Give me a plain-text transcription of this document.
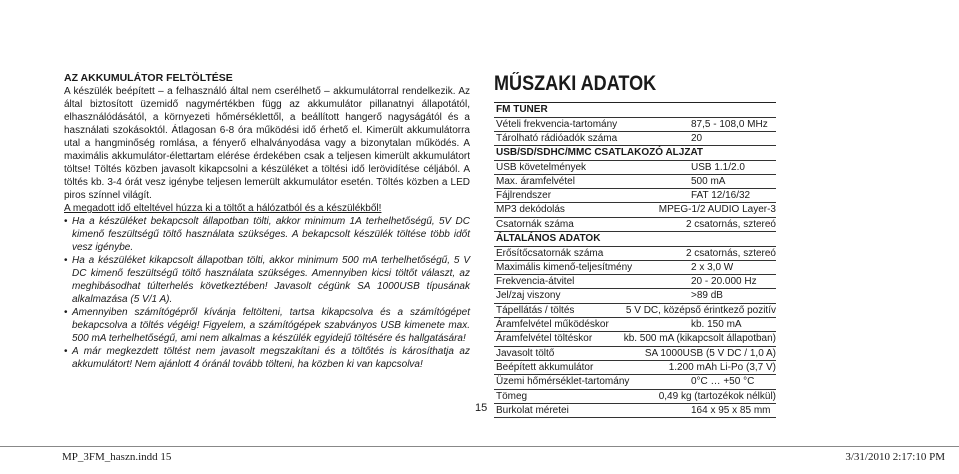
AZ AKKUMULÁTOR FELTÖLTÉSE

A készülék beépített – a felhasználó által nem cserélhető – akkumulátorral rendelkezik. Az által biztosított üzemidő nagymértékben függ az akkumulátor pillanatnyi állapotától, elhasználódásától, a környezeti hőmérséklettől, a beállított hangerő nagyságától és a használati szokásoktól. Átlagosan 6-8 óra működési idő érhető el. Kimerült akkumulátorra utal a hangminőség romlása, a fényerő elhalványodása vagy a bizonytalan működés. A maximális akkumulátor-élettartam elérése érdekében csak a teljesen kimerült akkumulátort töltse! Töltés közben javasolt kikapcsolni a készüléket a töltési idő lerövidítése céljából. A töltés kb. 3-4 órát vesz igénybe teljesen lemerült akkumulátor esetén. Töltés közben a LED piros színnel világít.

A megadott idő elteltével húzza ki a töltőt a hálózatból és a készülékből!

• Ha a készüléket bekapcsolt állapotban tölti, akkor minimum 1A terhelhetőségű, 5V DC kimenő feszültségű töltő használata szükséges. A bekapcsolt készülék töltése több időt vesz igénybe.
• Ha a készüléket kikapcsolt állapotban tölti, akkor minimum 500 mA terhelhetőségű, 5 V DC kimenő feszültségű töltő használata szükséges. Amennyiben kicsi töltőt választ, az meghibásodhat túlterhelés következtében! Javasolt cégünk SA 1000USB típusának alkalmazása (5 V/1 A).
• Amennyiben számítógépről kívánja feltölteni, tartsa kikapcsolva és a számítógépet bekapcsolva a töltés végéig! Figyelem, a számítógépek szabványos USB kimenete max. 500 mA terhelhetőségű, ami nem alkalmas a készülék egyidejű töltésére és hallgatására!
• A már megkezdett töltést nem javasolt megszakítani és a töltőtés is károsíthatja az akkumulátort! Nem ajánlott 4 óránál tovább tölteni, ha közben ki van kapcsolva!
15
MŰSZAKI ADATOK
FM TUNER
Vételi frekvencia-tartomány	87,5 - 108,0 MHz
Tárolható rádióadók száma	20
USB/SD/SDHC/MMC CSATLAKOZÓ ALJZAT
USB követelmények	USB 1.1/2.0
Max. áramfelvétel	500 mA
Fájlrendszer	FAT 12/16/32
MP3 dekódolás	MPEG-1/2 AUDIO Layer-3
Csatornák száma	2 csatornás, sztereó
ÁLTALÁNOS ADATOK
Erősítőcsatornák száma	2 csatornás, sztereó
Maximális kimenő-teljesítmény	2 x 3,0 W
Frekvencia-átvitel	20 - 20.000 Hz
Jel/zaj viszony	>89 dB
Tápellátás / töltés	5 V DC, középső érintkező pozitív
Áramfelvétel működéskor	kb. 150 mA
Áramfelvétel töltéskor	kb. 500 mA (kikapcsolt állapotban)
Javasolt töltő	SA 1000USB (5 V DC / 1,0 A)
Beépített akkumulátor	1.200 mAh Li-Po (3,7 V)
Üzemi hőmérséklet-tartomány	0°C … +50 °C
Tömeg	0,49 kg (tartozékok nélkül)
Burkolat méretei	164 x 95 x 85 mm
MP_3FM_haszn.indd 15	3/31/2010 2:17:10 PM
